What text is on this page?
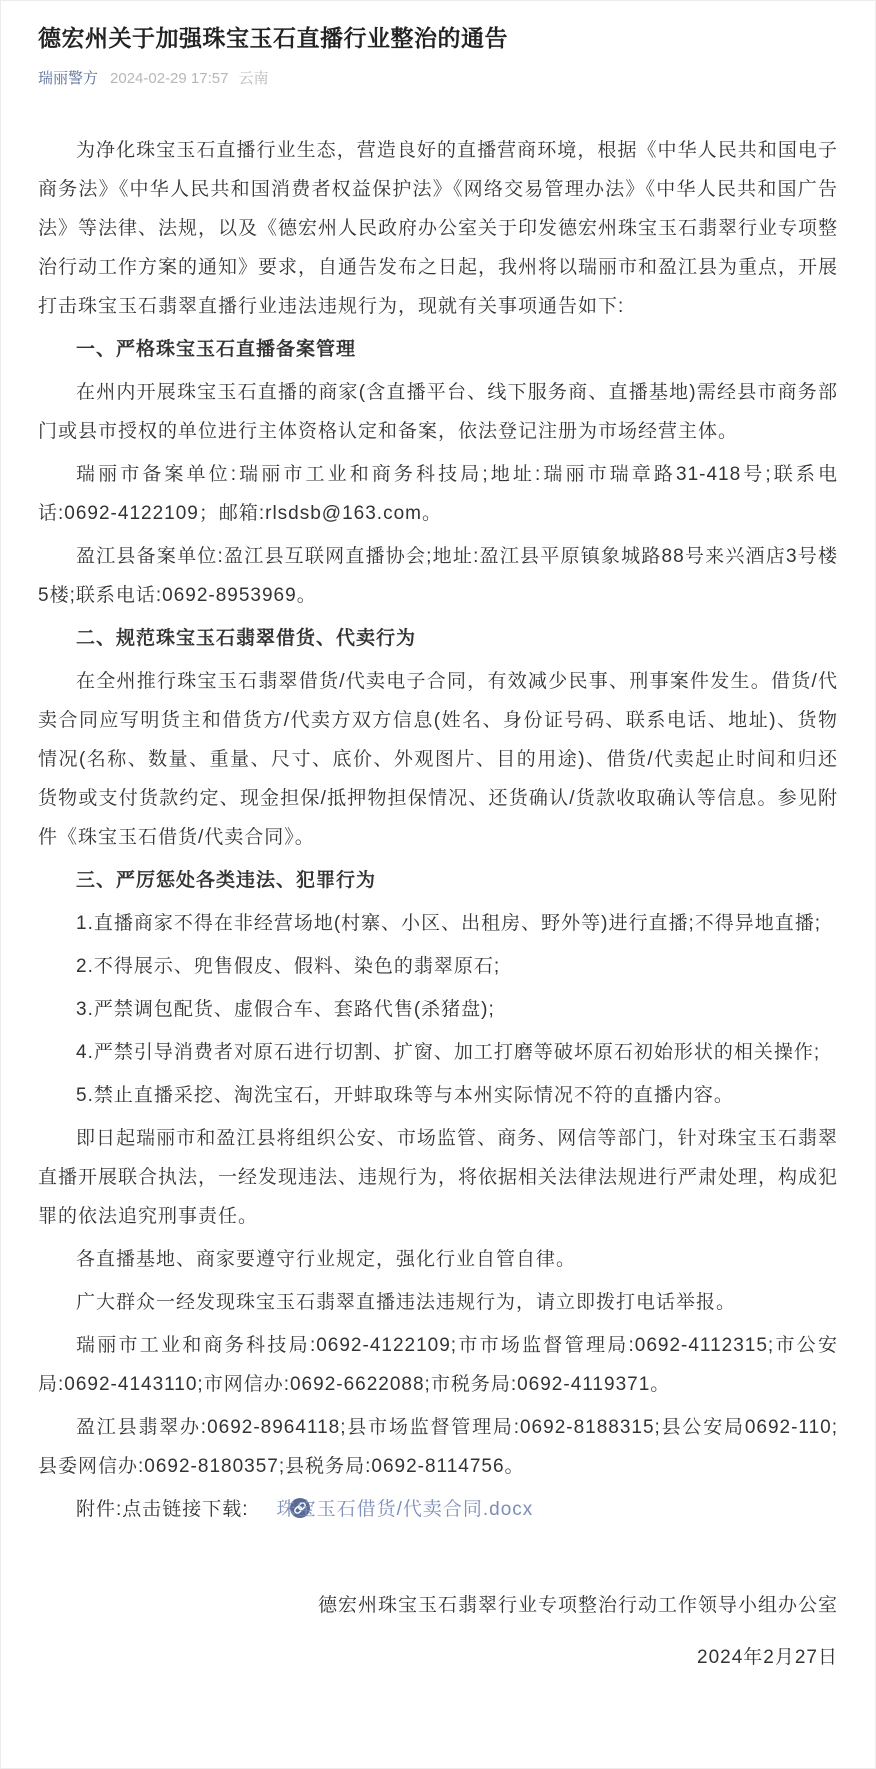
德宏州关于加强珠宝玉石直播行业整治的通告
瑞丽警方 2024-02-29 17:57 云南

为净化珠宝玉石直播行业生态，营造良好的直播营商环境，根据《中华人民共和国电子商务法》《中华人民共和国消费者权益保护法》《网络交易管理办法》《中华人民共和国广告法》等法律、法规，以及《德宏州人民政府办公室关于印发德宏州珠宝玉石翡翠行业专项整治行动工作方案的通知》要求，自通告发布之日起，我州将以瑞丽市和盈江县为重点，开展打击珠宝玉石翡翠直播行业违法违规行为，现就有关事项通告如下:

一、严格珠宝玉石直播备案管理

在州内开展珠宝玉石直播的商家(含直播平台、线下服务商、直播基地)需经县市商务部门或县市授权的单位进行主体资格认定和备案，依法登记注册为市场经营主体。

瑞丽市备案单位:瑞丽市工业和商务科技局;地址:瑞丽市瑞章路31-418号;联系电话:0692-4122109；邮箱:rlsdsb@163.com。

盈江县备案单位:盈江县互联网直播协会;地址:盈江县平原镇象城路88号来兴酒店3号楼5楼;联系电话:0692-8953969。

二、规范珠宝玉石翡翠借货、代卖行为

在全州推行珠宝玉石翡翠借货/代卖电子合同，有效减少民事、刑事案件发生。借货/代卖合同应写明货主和借货方/代卖方双方信息(姓名、身份证号码、联系电话、地址)、货物情况(名称、数量、重量、尺寸、底价、外观图片、目的用途)、借货/代卖起止时间和归还货物或支付货款约定、现金担保/抵押物担保情况、还货确认/货款收取确认等信息。参见附件《珠宝玉石借货/代卖合同》。

三、严厉惩处各类违法、犯罪行为

1.直播商家不得在非经营场地(村寨、小区、出租房、野外等)进行直播;不得异地直播;

2.不得展示、兜售假皮、假料、染色的翡翠原石;

3.严禁调包配货、虚假合车、套路代售(杀猪盘);

4.严禁引导消费者对原石进行切割、扩窗、加工打磨等破坏原石初始形状的相关操作;

5.禁止直播采挖、淘洗宝石，开蚌取珠等与本州实际情况不符的直播内容。

即日起瑞丽市和盈江县将组织公安、市场监管、商务、网信等部门，针对珠宝玉石翡翠直播开展联合执法，一经发现违法、违规行为，将依据相关法律法规进行严肃处理，构成犯罪的依法追究刑事责任。

各直播基地、商家要遵守行业规定，强化行业自管自律。

广大群众一经发现珠宝玉石翡翠直播违法违规行为，请立即拨打电话举报。

瑞丽市工业和商务科技局:0692-4122109;市市场监督管理局:0692-4112315;市公安局:0692-4143110;市网信办:0692-6622088;市税务局:0692-4119371。

盈江县翡翠办:0692-8964118;县市场监督管理局:0692-8188315;县公安局0692-110;县委网信办:0692-8180357;县税务局:0692-8114756。

附件:点击链接下载: 珠宝玉石借货/代卖合同.docx

德宏州珠宝玉石翡翠行业专项整治行动工作领导小组办公室

2024年2月27日
